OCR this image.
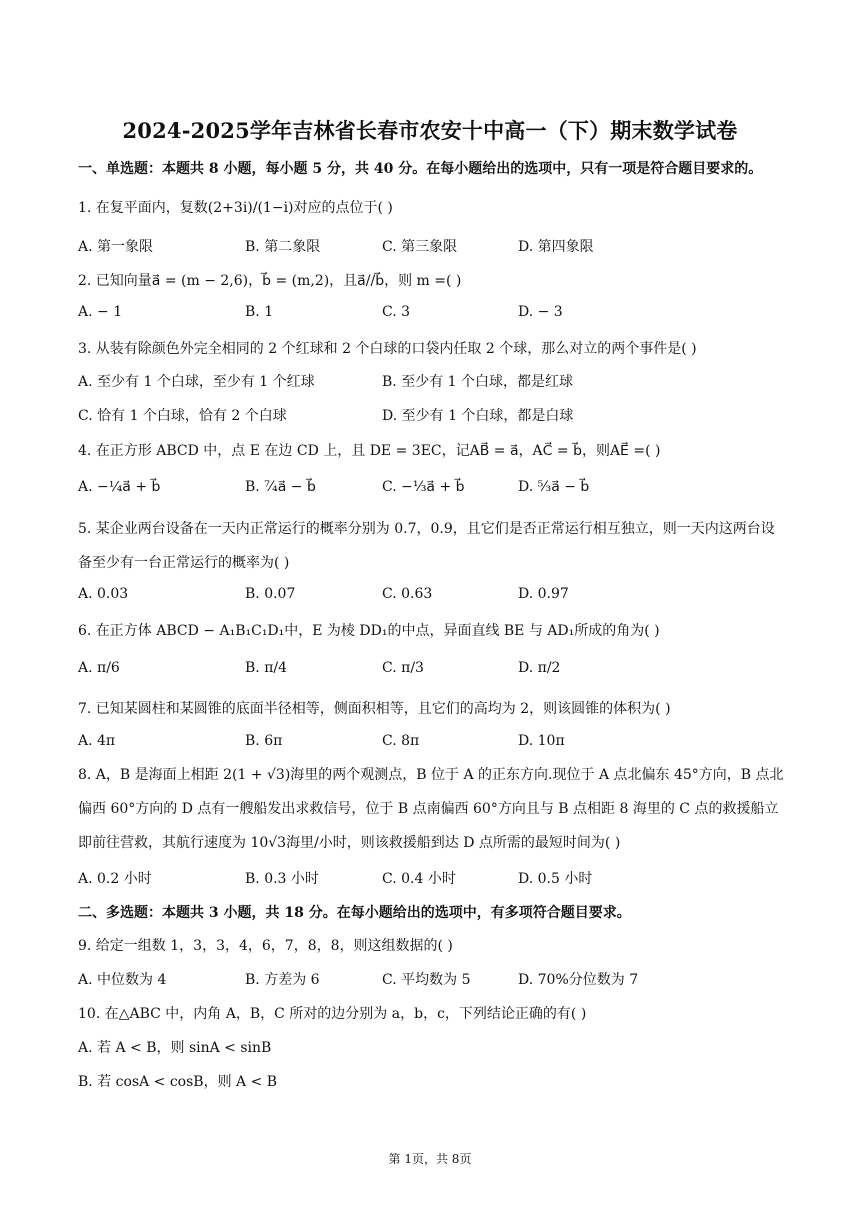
2024-2025学年吉林省长春市农安十中高一（下）期末数学试卷
一、单选题：本题共 8 小题，每小题 5 分，共 40 分。在每小题给出的选项中，只有一项是符合题目要求的。
1. 在复平面内，复数(2+3i)/(1−i)对应的点位于( )
A. 第一象限	B. 第二象限	C. 第三象限	D. 第四象限
2. 已知向量a⃗ = (m − 2,6)，b⃗ = (m,2)，且a⃗//b⃗，则 m =( )
A. − 1	B. 1	C. 3	D. − 3
3. 从装有除颜色外完全相同的 2 个红球和 2 个白球的口袋内任取 2 个球，那么对立的两个事件是( )
A. 至少有 1 个白球，至少有 1 个红球	B. 至少有 1 个白球，都是红球
C. 恰有 1 个白球，恰有 2 个白球	D. 至少有 1 个白球，都是白球
4. 在正方形 ABCD 中，点 E 在边 CD 上，且 DE = 3EC，记AB⃗ = a⃗，AC⃗ = b⃗，则AE⃗ =( )
A. −¼a⃗ + b⃗	B. ⁷⁄₄a⃗ − b⃗	C. −⅓a⃗ + b⃗	D. ⁵⁄₃a⃗ − b⃗
5. 某企业两台设备在一天内正常运行的概率分别为 0.7，0.9，且它们是否正常运行相互独立，则一天内这两台设备至少有一台正常运行的概率为( )
A. 0.03	B. 0.07	C. 0.63	D. 0.97
6. 在正方体 ABCD − A₁B₁C₁D₁中，E 为棱 DD₁的中点，异面直线 BE 与 AD₁所成的角为( )
A. π/6	B. π/4	C. π/3	D. π/2
7. 已知某圆柱和某圆锥的底面半径相等，侧面积相等，且它们的高均为 2，则该圆锥的体积为( )
A. 4π	B. 6π	C. 8π	D. 10π
8. A，B 是海面上相距 2(1 + √3)海里的两个观测点，B 位于 A 的正东方向.现位于 A 点北偏东 45°方向，B 点北偏西 60°方向的 D 点有一艘船发出求救信号，位于 B 点南偏西 60°方向且与 B 点相距 8 海里的 C 点的救援船立即前往营救，其航行速度为 10√3海里/小时，则该救援船到达 D 点所需的最短时间为( )
A. 0.2 小时	B. 0.3 小时	C. 0.4 小时	D. 0.5 小时
二、多选题：本题共 3 小题，共 18 分。在每小题给出的选项中，有多项符合题目要求。
9. 给定一组数 1，3，3，4，6，7，8，8，则这组数据的( )
A. 中位数为 4	B. 方差为 6	C. 平均数为 5	D. 70%分位数为 7
10. 在△ABC 中，内角 A，B，C 所对的边分别为 a，b，c，下列结论正确的有( )
A. 若 A < B，则 sinA < sinB
B. 若 cosA < cosB，则 A < B
第 1页，共 8页
